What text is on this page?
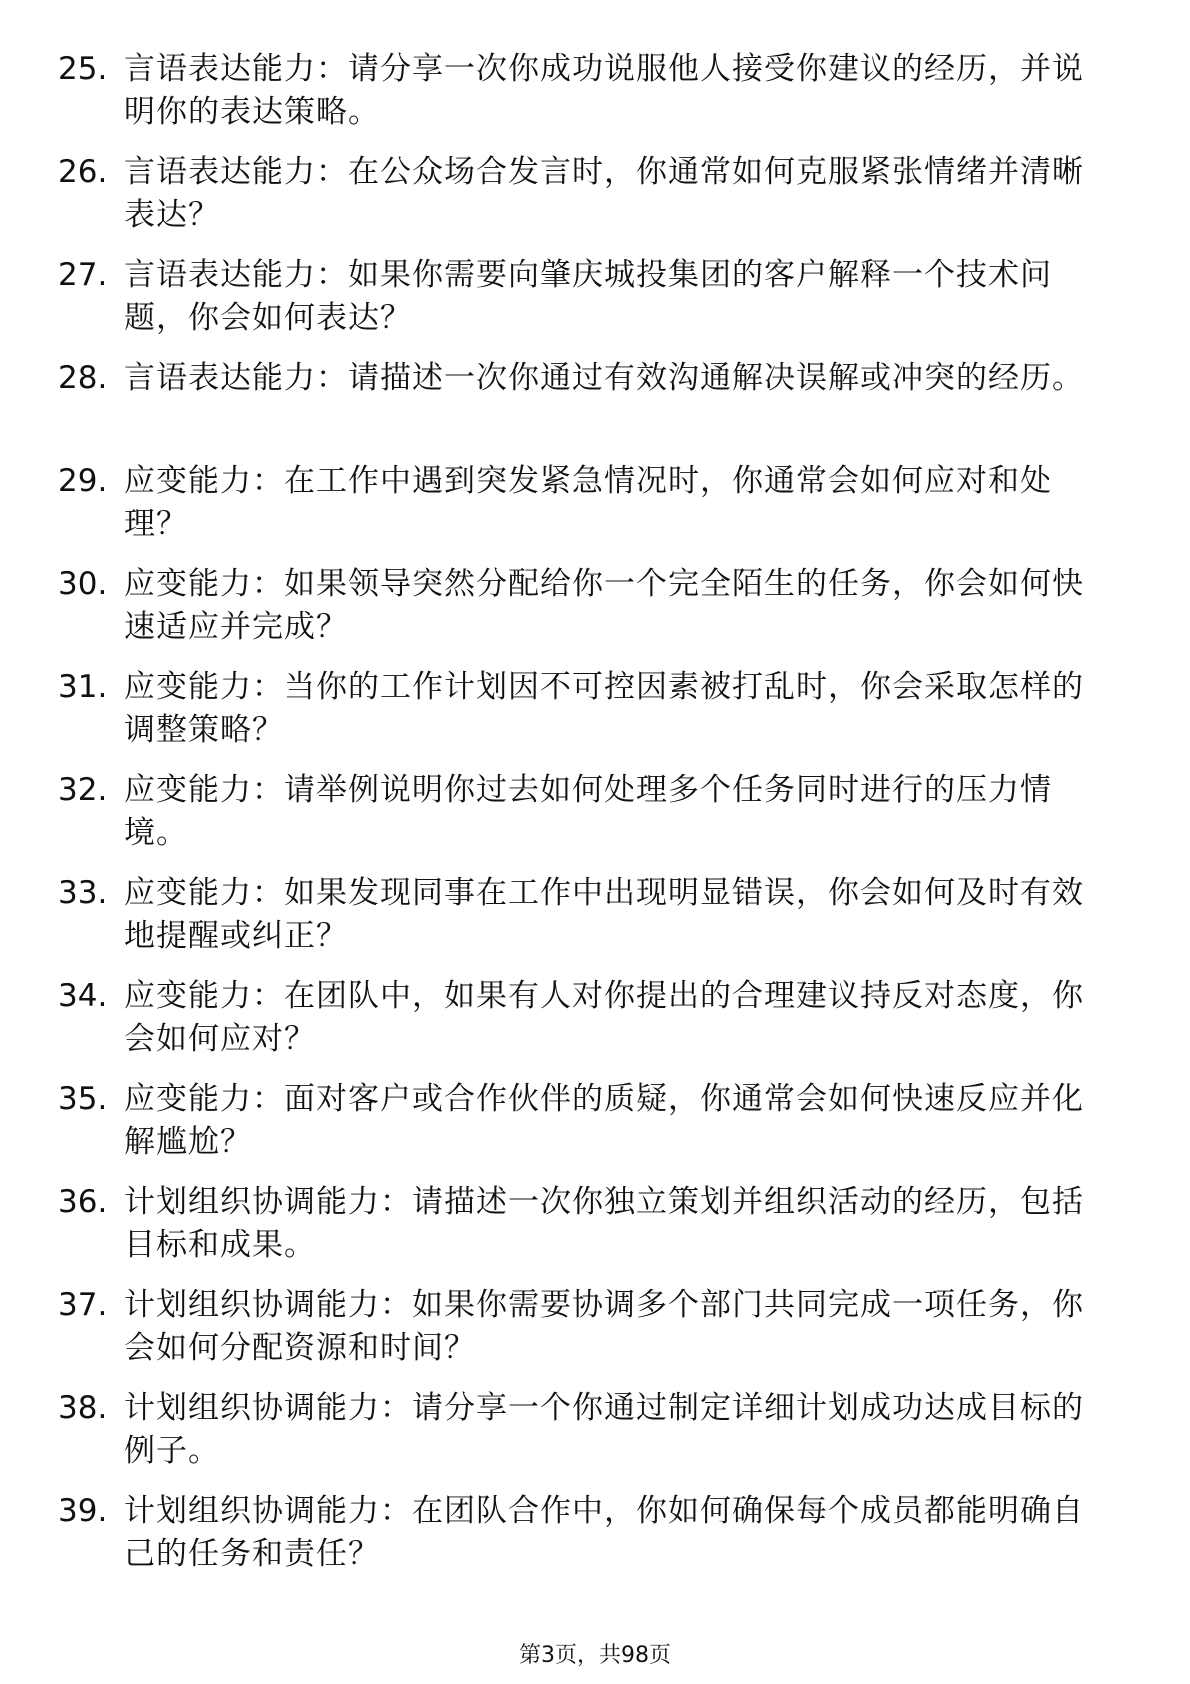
25. 言语表达能力：请分享一次你成功说服他人接受你建议的经历，并说明你的表达策略。
26. 言语表达能力：在公众场合发言时，你通常如何克服紧张情绪并清晰表达？
27. 言语表达能力：如果你需要向肇庆城投集团的客户解释一个技术问题，你会如何表达？
28. 言语表达能力：请描述一次你通过有效沟通解决误解或冲突的经历。
29. 应变能力：在工作中遇到突发紧急情况时，你通常会如何应对和处理？
30. 应变能力：如果领导突然分配给你一个完全陌生的任务，你会如何快速适应并完成？
31. 应变能力：当你的工作计划因不可控因素被打乱时，你会采取怎样的调整策略？
32. 应变能力：请举例说明你过去如何处理多个任务同时进行的压力情境。
33. 应变能力：如果发现同事在工作中出现明显错误，你会如何及时有效地提醒或纠正？
34. 应变能力：在团队中，如果有人对你提出的合理建议持反对态度，你会如何应对？
35. 应变能力：面对客户或合作伙伴的质疑，你通常会如何快速反应并化解尴尬？
36. 计划组织协调能力：请描述一次你独立策划并组织活动的经历，包括目标和成果。
37. 计划组织协调能力：如果你需要协调多个部门共同完成一项任务，你会如何分配资源和时间？
38. 计划组织协调能力：请分享一个你通过制定详细计划成功达成目标的例子。
39. 计划组织协调能力：在团队合作中，你如何确保每个成员都能明确自己的任务和责任？
第3页，共98页
